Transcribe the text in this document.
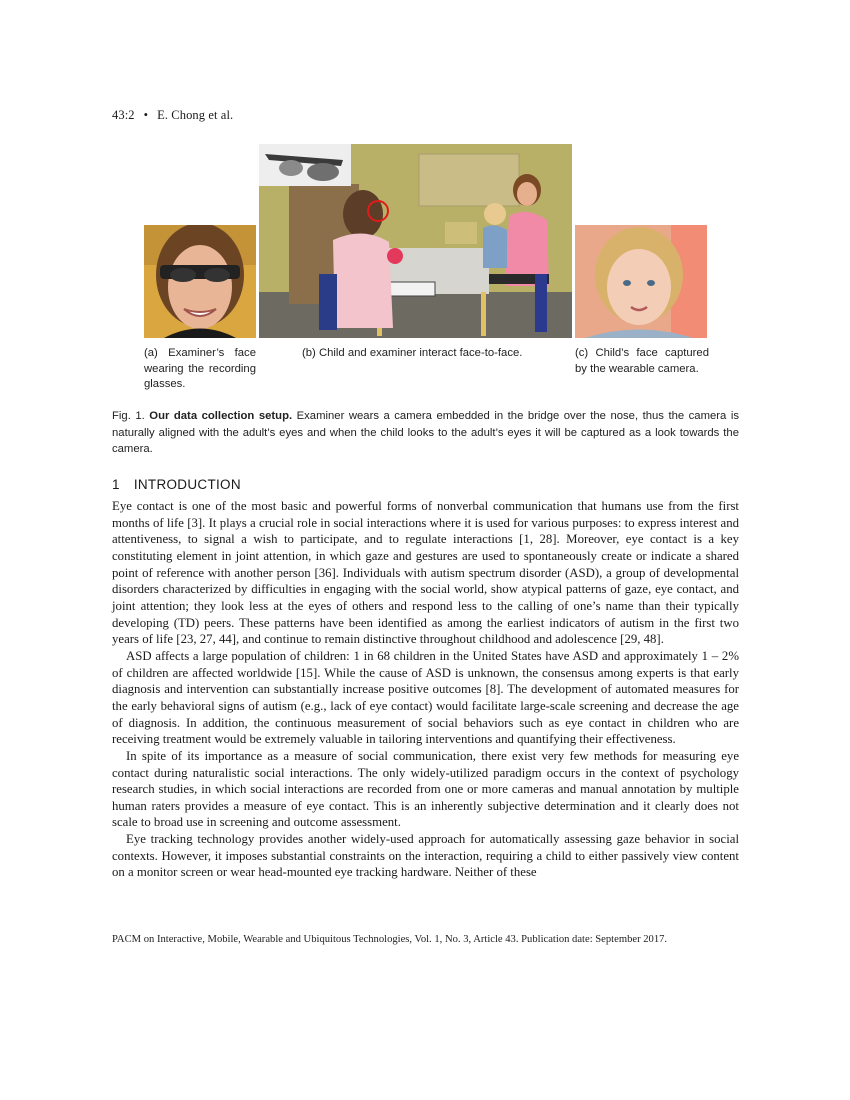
43:2 • E. Chong et al.
(a) Examiner’s face wearing the recording glasses.
(b) Child and examiner interact face-to-face.	(c) Child’s face captured by the wearable camera.
Fig. 1. Our data collection setup. Examiner wears a camera embedded in the bridge over the nose, thus the camera is naturally aligned with the adult’s eyes and when the child looks to the adult’s eyes it will be captured as a look towards the camera.
1 INTRODUCTION

Eye contact is one of the most basic and powerful forms of nonverbal communication that humans use from the first months of life [3]. It plays a crucial role in social interactions where it is used for various purposes: to express interest and attentiveness, to signal a wish to participate, and to regulate interactions [1, 28]. Moreover, eye contact is a key constituting element in joint attention, in which gaze and gestures are used to spontaneously create or indicate a shared point of reference with another person [36]. Individuals with autism spectrum disorder (ASD), a group of developmental disorders characterized by difficulties in engaging with the social world, show atypical patterns of gaze, eye contact, and joint attention; they look less at the eyes of others and respond less to the calling of one’s name than their typically developing (TD) peers. These patterns have been identified as among the earliest indicators of autism in the first two years of life [23, 27, 44], and continue to remain distinctive throughout childhood and adolescence [29, 48].

ASD affects a large population of children: 1 in 68 children in the United States have ASD and approximately 1 – 2% of children are affected worldwide [15]. While the cause of ASD is unknown, the consensus among experts is that early diagnosis and intervention can substantially increase positive outcomes [8]. The development of automated measures for the early behavioral signs of autism (e.g., lack of eye contact) would facilitate large-scale screening and decrease the age of diagnosis. In addition, the continuous measurement of social behaviors such as eye contact in children who are receiving treatment would be extremely valuable in tailoring interventions and quantifying their effectiveness.

In spite of its importance as a measure of social communication, there exist very few methods for measuring eye contact during naturalistic social interactions. The only widely-utilized paradigm occurs in the context of psychology research studies, in which social interactions are recorded from one or more cameras and manual annotation by multiple human raters provides a measure of eye contact. This is an inherently subjective determination and it clearly does not scale to broad use in screening and outcome assessment.

Eye tracking technology provides another widely-used approach for automatically assessing gaze behavior in social contexts. However, it imposes substantial constraints on the interaction, requiring a child to either passively view content on a monitor screen or wear head-mounted eye tracking hardware. Neither of these

PACM on Interactive, Mobile, Wearable and Ubiquitous Technologies, Vol. 1, No. 3, Article 43. Publication date: September 2017.
